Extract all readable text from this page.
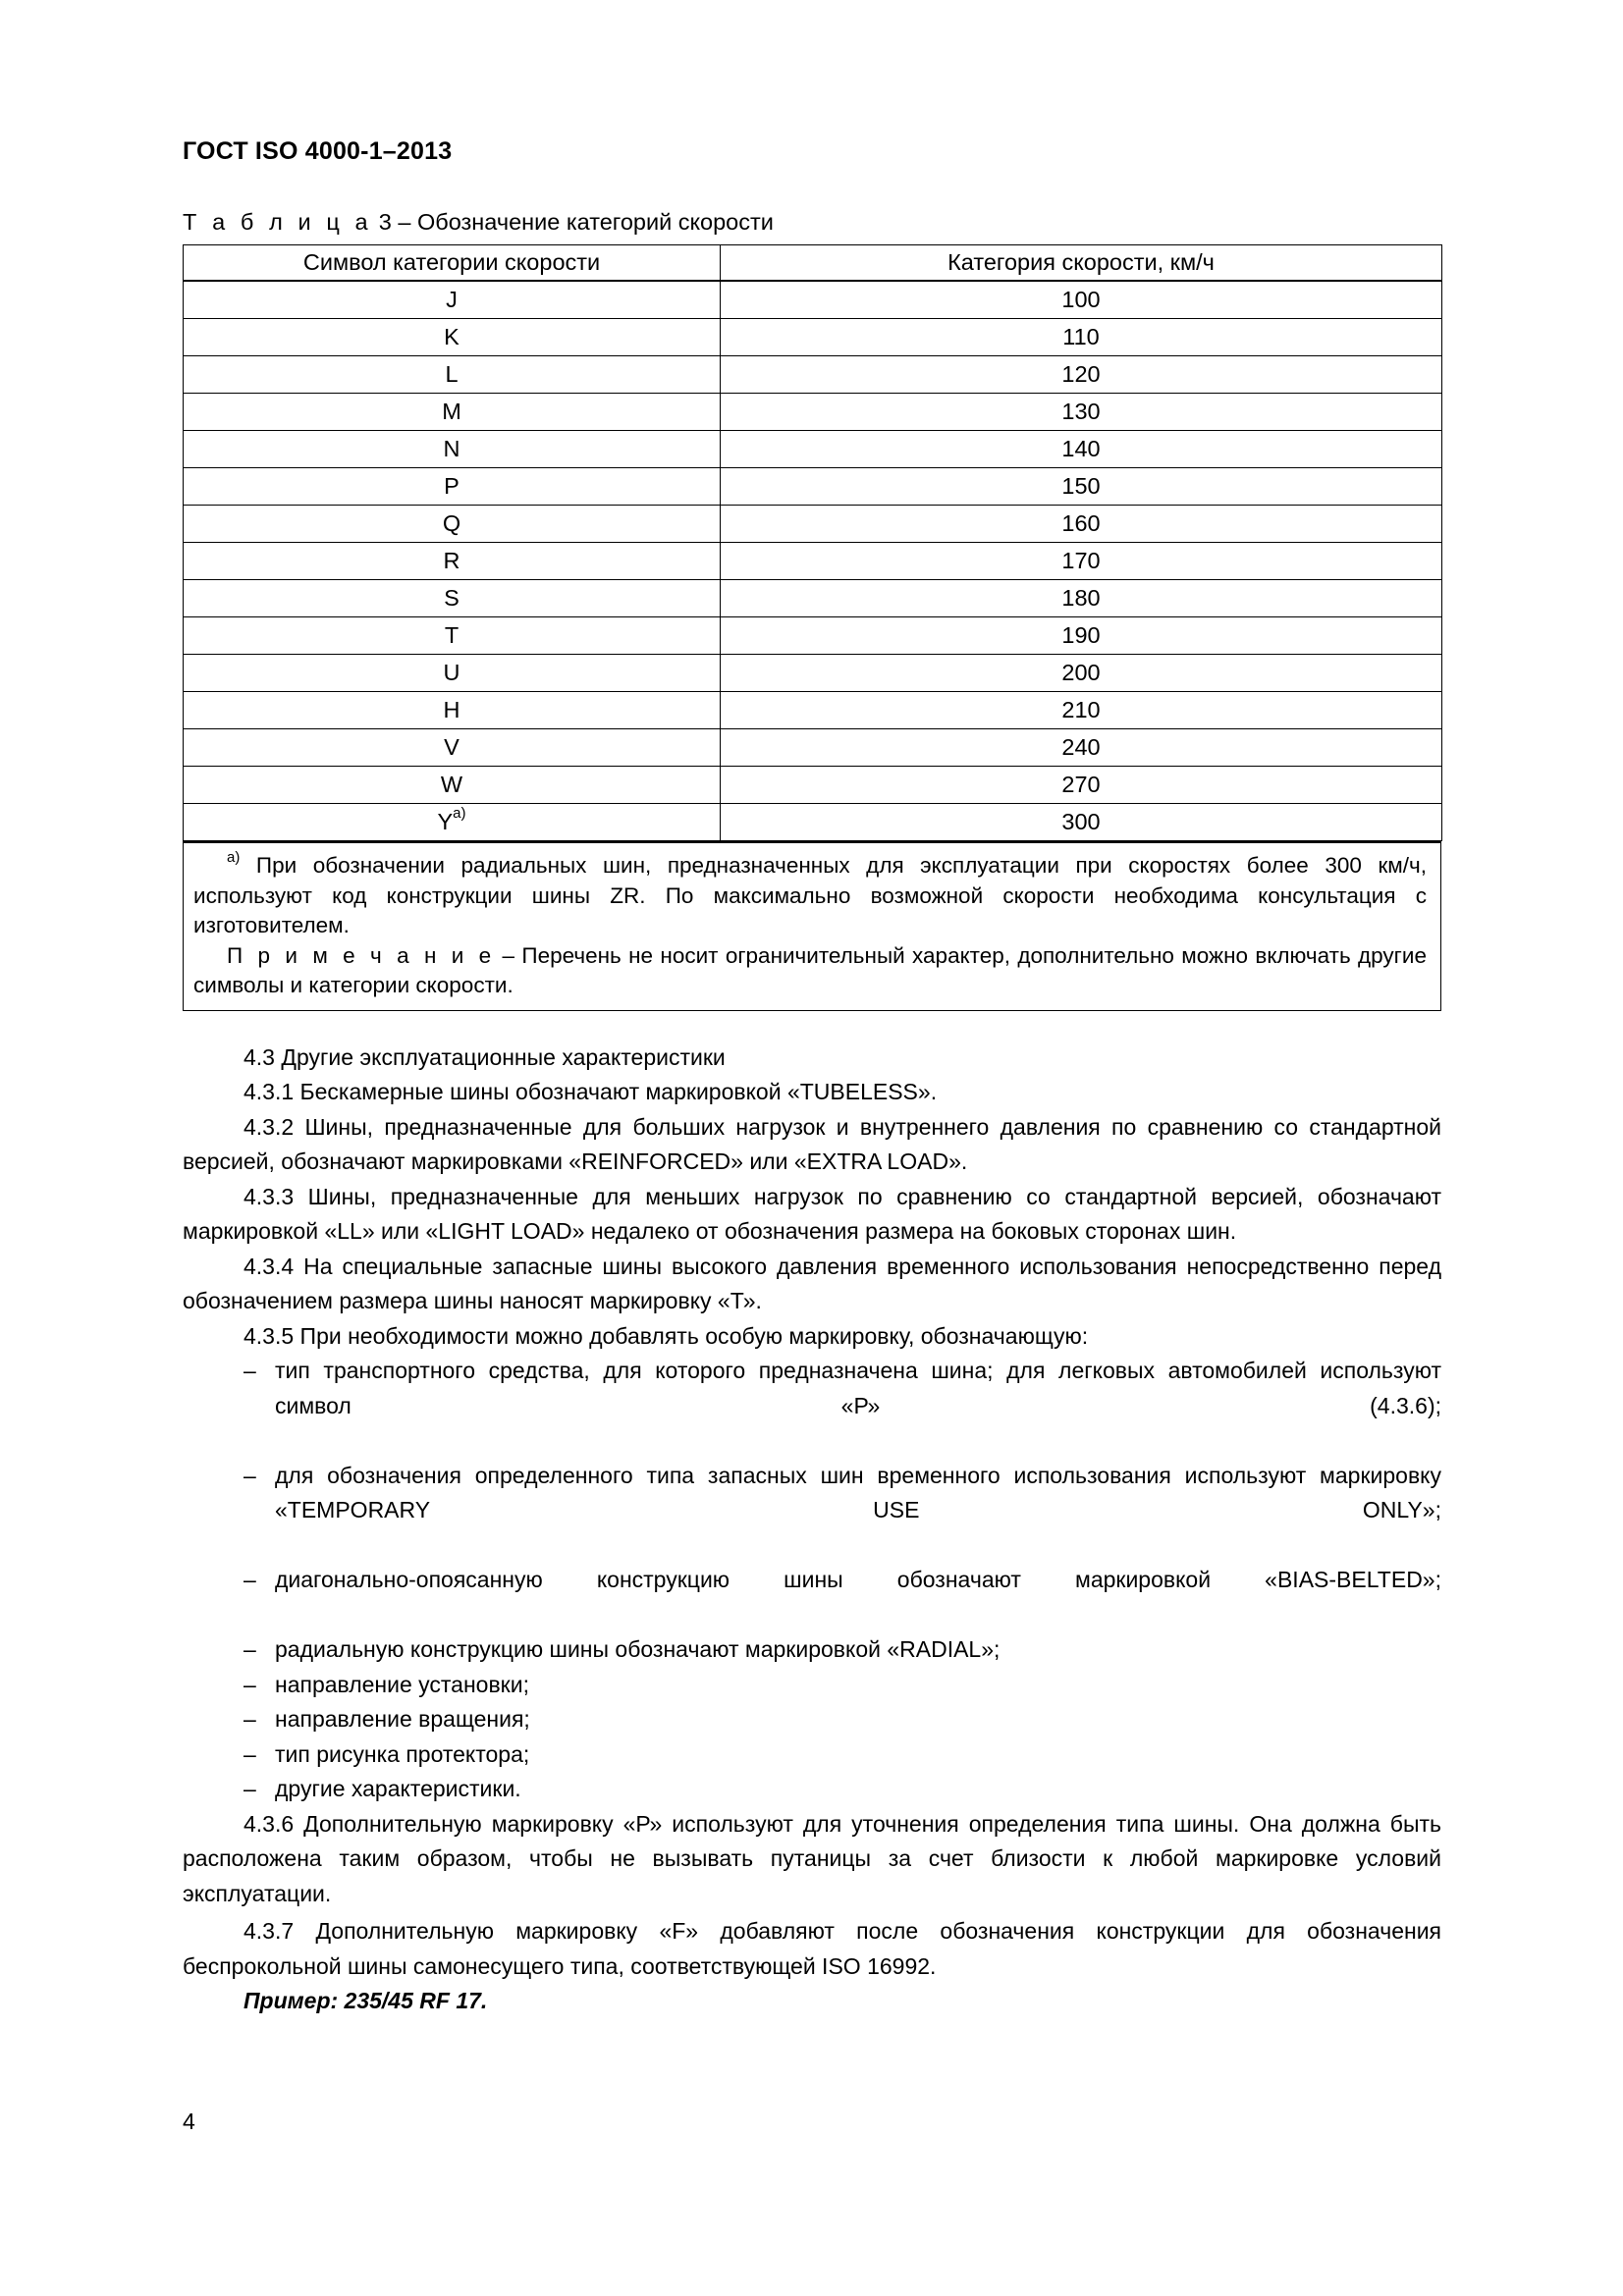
ГОСТ ISO 4000-1–2013
Т а б л и ц а 3 – Обозначение категорий скорости
Символ категории скорости	Категория скорости, км/ч
J	100
K	110
L	120
M	130
N	140
P	150
Q	160
R	170
S	180
T	190
U	200
H	210
V	240
W	270
$Y^{a)}$	300

$^{a)}$ При обозначении радиальных шин, предназначенных для эксплуатации при скоростях более 300 км/ч, используют код конструкции шины ZR. По максимально возможной скорости необходима консультация с изготовителем.

П р и м е ч а н и е – Перечень не носит ограничительный характер, дополнительно можно включать другие символы и категории скорости.

4.3 Другие эксплуатационные характеристики

4.3.1 Бескамерные шины обозначают маркировкой «TUBELESS».

4.3.2 Шины, предназначенные для больших нагрузок и внутреннего давления по сравнению со стандартной версией, обозначают маркировками «REINFORCED» или «EXTRA LOAD».

4.3.3 Шины, предназначенные для меньших нагрузок по сравнению со стандартной версией, обозначают маркировкой «LL» или «LIGHT LOAD» недалеко от обозначения размера на боковых сторонах шин.

4.3.4 На специальные запасные шины высокого давления временного использования непосредственно перед обозначением размера шины наносят маркировку «Т».

4.3.5 При необходимости можно добавлять особую маркировку, обозначающую:

– тип транспортного средства, для которого предназначена шина; для легковых автомобилей используют символ «Р» (4.3.6);
– для обозначения определенного типа запасных шин временного использования используют маркировку «TEMPORARY USE ONLY»;
– диагонально-опоясанную конструкцию шины обозначают маркировкой «BIAS-BELTED»;
– радиальную конструкцию шины обозначают маркировкой «RADIAL»;
– направление установки;
– направление вращения;
– тип рисунка протектора;
– другие характеристики.

4.3.6 Дополнительную маркировку «Р» используют для уточнения определения типа шины. Она должна быть расположена таким образом, чтобы не вызывать путаницы за счет близости к любой маркировке условий эксплуатации.

4.3.7 Дополнительную маркировку «F» добавляют после обозначения конструкции для обозначения беспрокольной шины самонесущего типа, соответствующей ISO 16992.

Пример: 235/45 RF 17.

4
